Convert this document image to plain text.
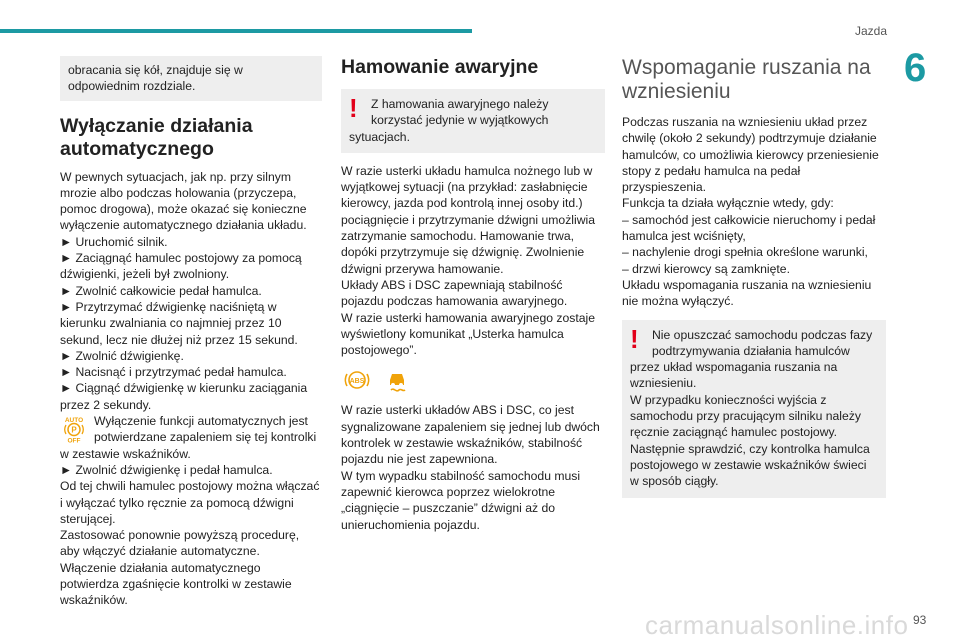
Jazda
6

obracania się kół, znajduje się w odpowiednim rozdziale.

Wyłączanie działania automatycznego

W pewnych sytuacjach, jak np. przy silnym mrozie albo podczas holowania (przyczepa, pomoc drogowa), może okazać się konieczne wyłączenie automatycznego działania układu.

► Uruchomić silnik.

► Zaciągnąć hamulec postojowy za pomocą dźwigienki, jeżeli był zwolniony.

► Zwolnić całkowicie pedał hamulca.

► Przytrzymać dźwigienkę naciśniętą w kierunku zwalniania co najmniej przez 10 sekund, lecz nie dłużej niż przez 15 sekund.

► Zwolnić dźwigienkę.

► Nacisnąć i przytrzymać pedał hamulca.

► Ciągnąć dźwigienkę w kierunku zaciągania przez 2 sekundy.

AUTO
P
OFF

Wyłączenie funkcji automatycznych jest potwierdzane zapaleniem się tej kontrolki w zestawie wskaźników.

► Zwolnić dźwigienkę i pedał hamulca.

Od tej chwili hamulec postojowy można włączać i wyłączać tylko ręcznie za pomocą dźwigni sterującej.

Zastosować ponownie powyższą procedurę, aby włączyć działanie automatyczne.

Włączenie działania automatycznego potwierdza zgaśnięcie kontrolki w zestawie wskaźników.

Hamowanie awaryjne
!	Z hamowania awaryjnego należy korzystać jedynie w wyjątkowych sytuacjach.

W razie usterki układu hamulca nożnego lub w wyjątkowej sytuacji (na przykład: zasłabnięcie kierowcy, jazda pod kontrolą innej osoby itd.) pociągnięcie i przytrzymanie dźwigni umożliwia zatrzymanie samochodu. Hamowanie trwa, dopóki przytrzymuje się dźwignię. Zwolnienie dźwigni przerywa hamowanie.

Układy ABS i DSC zapewniają stabilność pojazdu podczas hamowania awaryjnego.

W razie usterki hamowania awaryjnego zostaje wyświetlony komunikat „Usterka hamulca postojowego”.

ABS

W razie usterki układów ABS i DSC, co jest sygnalizowane zapaleniem się jednej lub dwóch kontrolek w zestawie wskaźników, stabilność pojazdu nie jest zapewniona.

W tym wypadku stabilność samochodu musi zapewnić kierowca poprzez wielokrotne „ciągnięcie – puszczanie” dźwigni aż do unieruchomienia pojazdu.

Wspomaganie ruszania na wzniesieniu

Podczas ruszania na wzniesieniu układ przez chwilę (około 2 sekundy) podtrzymuje działanie hamulców, co umożliwia kierowcy przeniesienie stopy z pedału hamulca na pedał przyspieszenia.

Funkcja ta działa wyłącznie wtedy, gdy:

– samochód jest całkowicie nieruchomy i pedał hamulca jest wciśnięty,

– nachylenie drogi spełnia określone warunki,

– drzwi kierowcy są zamknięte.

Układu wspomagania ruszania na wzniesieniu nie można wyłączyć.

!	Nie opuszczać samochodu podczas fazy podtrzymywania działania hamulców przez układ wspomagania ruszania na wzniesieniu.

W przypadku konieczności wyjścia z samochodu przy pracującym silniku należy ręcznie zaciągnąć hamulec postojowy.

Następnie sprawdzić, czy kontrolka hamulca postojowego w zestawie wskaźników świeci w sposób ciągły.

carmanualsonline.info 93
